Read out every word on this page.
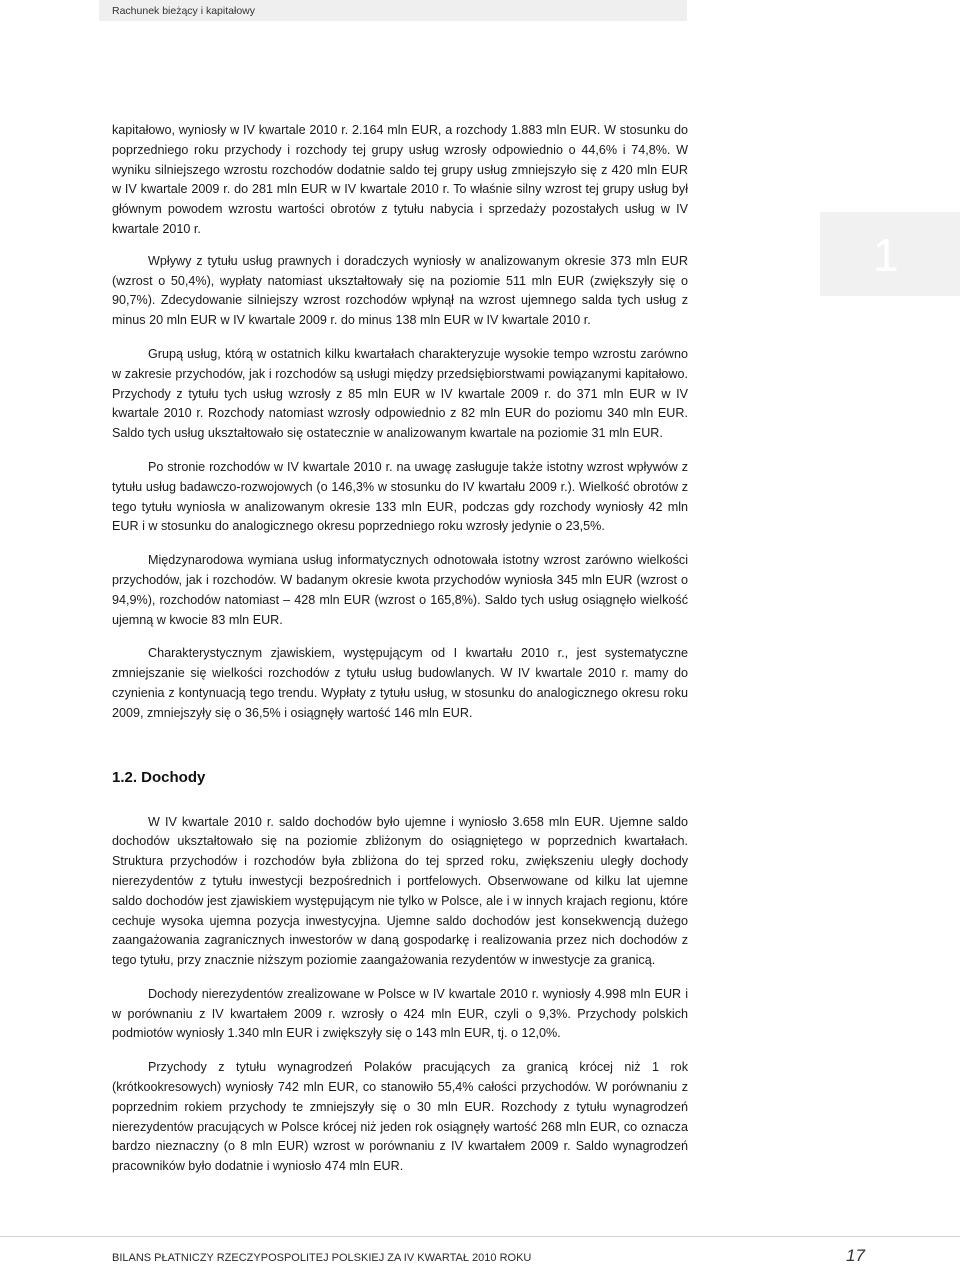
Rachunek bieżący i kapitałowy
1

kapitałowo, wyniosły w IV kwartale 2010 r. 2.164 mln EUR, a rozchody 1.883 mln EUR. W stosunku do poprzedniego roku przychody i rozchody tej grupy usług wzrosły odpowiednio o 44,6% i 74,8%. W wyniku silniejszego wzrostu rozchodów dodatnie saldo tej grupy usług zmniejszyło się z 420 mln EUR w IV kwartale 2009 r. do 281 mln EUR w IV kwartale 2010 r. To właśnie silny wzrost tej grupy usług był głównym powodem wzrostu wartości obrotów z tytułu nabycia i sprzedaży pozostałych usług w IV kwartale 2010 r.

Wpływy z tytułu usług prawnych i doradczych wyniosły w analizowanym okresie 373 mln EUR (wzrost o 50,4%), wypłaty natomiast ukształtowały się na poziomie 511 mln EUR (zwiększyły się o 90,7%). Zdecydowanie silniejszy wzrost rozchodów wpłynął na wzrost ujemnego salda tych usług z minus 20 mln EUR w IV kwartale 2009 r. do minus 138 mln EUR w IV kwartale 2010 r.

Grupą usług, którą w ostatnich kilku kwartałach charakteryzuje wysokie tempo wzrostu zarówno w zakresie przychodów, jak i rozchodów są usługi między przedsiębiorstwami powiązanymi kapitałowo. Przychody z tytułu tych usług wzrosły z 85 mln EUR w IV kwartale 2009 r. do 371 mln EUR w IV kwartale 2010 r. Rozchody natomiast wzrosły odpowiednio z 82 mln EUR do poziomu 340 mln EUR. Saldo tych usług ukształtowało się ostatecznie w analizowanym kwartale na poziomie 31 mln EUR.

Po stronie rozchodów w IV kwartale 2010 r. na uwagę zasługuje także istotny wzrost wpływów z tytułu usług badawczo-rozwojowych (o 146,3% w stosunku do IV kwartału 2009 r.). Wielkość obrotów z tego tytułu wyniosła w analizowanym okresie 133 mln EUR, podczas gdy rozchody wyniosły 42 mln EUR i w stosunku do analogicznego okresu poprzedniego roku wzrosły jedynie o 23,5%.

Międzynarodowa wymiana usług informatycznych odnotowała istotny wzrost zarówno wielkości przychodów, jak i rozchodów. W badanym okresie kwota przychodów wyniosła 345 mln EUR (wzrost o 94,9%), rozchodów natomiast – 428 mln EUR (wzrost o 165,8%). Saldo tych usług osiągnęło wielkość ujemną w kwocie 83 mln EUR.

Charakterystycznym zjawiskiem, występującym od I kwartału 2010 r., jest systematyczne zmniejszanie się wielkości rozchodów z tytułu usług budowlanych. W IV kwartale 2010 r. mamy do czynienia z kontynuacją tego trendu. Wypłaty z tytułu usług, w stosunku do analogicznego okresu roku 2009, zmniejszyły się o 36,5% i osiągnęły wartość 146 mln EUR.

1.2. Dochody

W IV kwartale 2010 r. saldo dochodów było ujemne i wyniosło 3.658 mln EUR. Ujemne saldo dochodów ukształtowało się na poziomie zbliżonym do osiągniętego w poprzednich kwartałach. Struktura przychodów i rozchodów była zbliżona do tej sprzed roku, zwiększeniu uległy dochody nierezydentów z tytułu inwestycji bezpośrednich i portfelowych. Obserwowane od kilku lat ujemne saldo dochodów jest zjawiskiem występującym nie tylko w Polsce, ale i w innych krajach regionu, które cechuje wysoka ujemna pozycja inwestycyjna. Ujemne saldo dochodów jest konsekwencją dużego zaangażowania zagranicznych inwestorów w daną gospodarkę i realizowania przez nich dochodów z tego tytułu, przy znacznie niższym poziomie zaangażowania rezydentów w inwestycje za granicą.

Dochody nierezydentów zrealizowane w Polsce w IV kwartale 2010 r. wyniosły 4.998 mln EUR i w porównaniu z IV kwartałem 2009 r. wzrosły o 424 mln EUR, czyli o 9,3%. Przychody polskich podmiotów wyniosły 1.340 mln EUR i zwiększyły się o 143 mln EUR, tj. o 12,0%.

Przychody z tytułu wynagrodzeń Polaków pracujących za granicą krócej niż 1 rok (krótkookresowych) wyniosły 742 mln EUR, co stanowiło 55,4% całości przychodów. W porównaniu z poprzednim rokiem przychody te zmniejszyły się o 30 mln EUR. Rozchody z tytułu wynagrodzeń nierezydentów pracujących w Polsce krócej niż jeden rok osiągnęły wartość 268 mln EUR, co oznacza bardzo nieznaczny (o 8 mln EUR) wzrost w porównaniu z IV kwartałem 2009 r. Saldo wynagrodzeń pracowników było dodatnie i wyniosło 474 mln EUR.

BILANS PŁATNICZY RZECZYPOSPOLITEJ POLSKIEJ ZA IV KWARTAŁ 2010 ROKU	17
